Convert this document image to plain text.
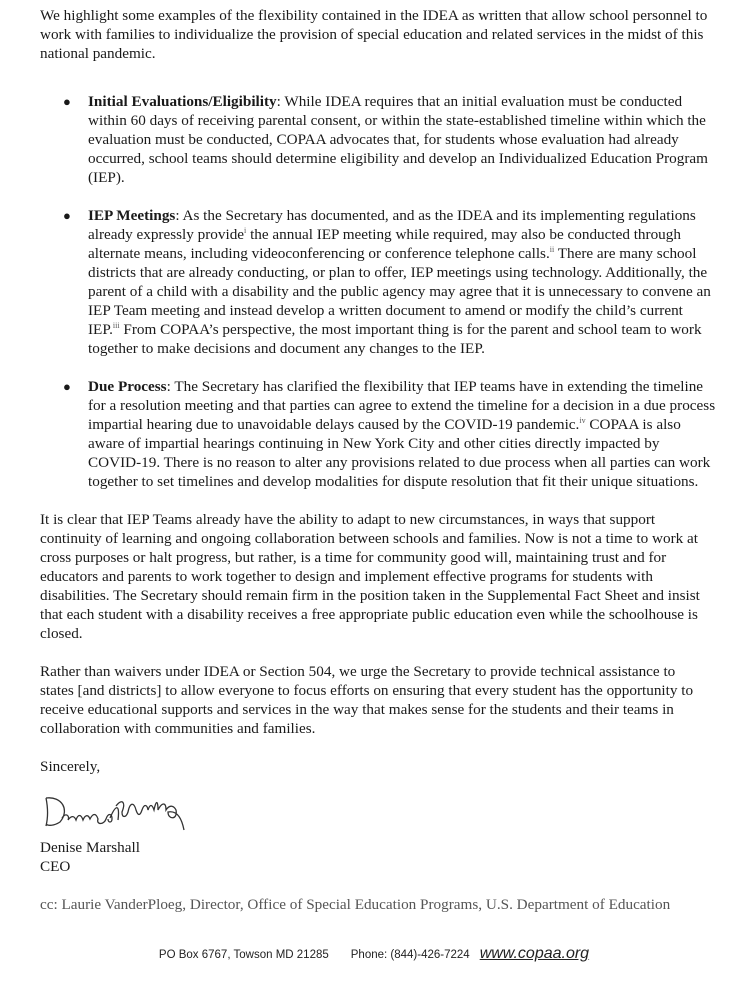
We highlight some examples of the flexibility contained in the IDEA as written that allow school personnel to work with families to individualize the provision of special education and related services in the midst of this national pandemic.

● Initial Evaluations/Eligibility: While IDEA requires that an initial evaluation must be conducted within 60 days of receiving parental consent, or within the state-established timeline within which the evaluation must be conducted, COPAA advocates that, for students whose evaluation had already occurred, school teams should determine eligibility and develop an Individualized Education Program (IEP).

● IEP Meetings: As the Secretary has documented, and as the IDEA and its implementing regulations already expressly provide$^i$ the annual IEP meeting while required, may also be conducted through alternate means, including videoconferencing or conference telephone calls.$^{ii}$ There are many school districts that are already conducting, or plan to offer, IEP meetings using technology. Additionally, the parent of a child with a disability and the public agency may agree that it is unnecessary to convene an IEP Team meeting and instead develop a written document to amend or modify the child’s current IEP.$^{iii}$ From COPAA’s perspective, the most important thing is for the parent and school team to work together to make decisions and document any changes to the IEP.

● Due Process: The Secretary has clarified the flexibility that IEP teams have in extending the timeline for a resolution meeting and that parties can agree to extend the timeline for a decision in a due process impartial hearing due to unavoidable delays caused by the COVID-19 pandemic.$^{iv}$ COPAA is also aware of impartial hearings continuing in New York City and other cities directly impacted by COVID-19. There is no reason to alter any provisions related to due process when all parties can work together to set timelines and develop modalities for dispute resolution that fit their unique situations.

It is clear that IEP Teams already have the ability to adapt to new circumstances, in ways that support continuity of learning and ongoing collaboration between schools and families. Now is not a time to work at cross purposes or halt progress, but rather, is a time for community good will, maintaining trust and for educators and parents to work together to design and implement effective programs for students with disabilities. The Secretary should remain firm in the position taken in the Supplemental Fact Sheet and insist that each student with a disability receives a free appropriate public education even while the schoolhouse is closed.

Rather than waivers under IDEA or Section 504, we urge the Secretary to provide technical assistance to states [and districts] to allow everyone to focus efforts on ensuring that every student has the opportunity to receive educational supports and services in the way that makes sense for the students and their teams in collaboration with communities and families.

Sincerely,

Denise Marshall

CEO

cc: Laurie VanderPloeg, Director, Office of Special Education Programs, U.S. Department of Education

PO Box 6767, Towson MD 21285 Phone: (844)-426-7224 www.copaa.org
